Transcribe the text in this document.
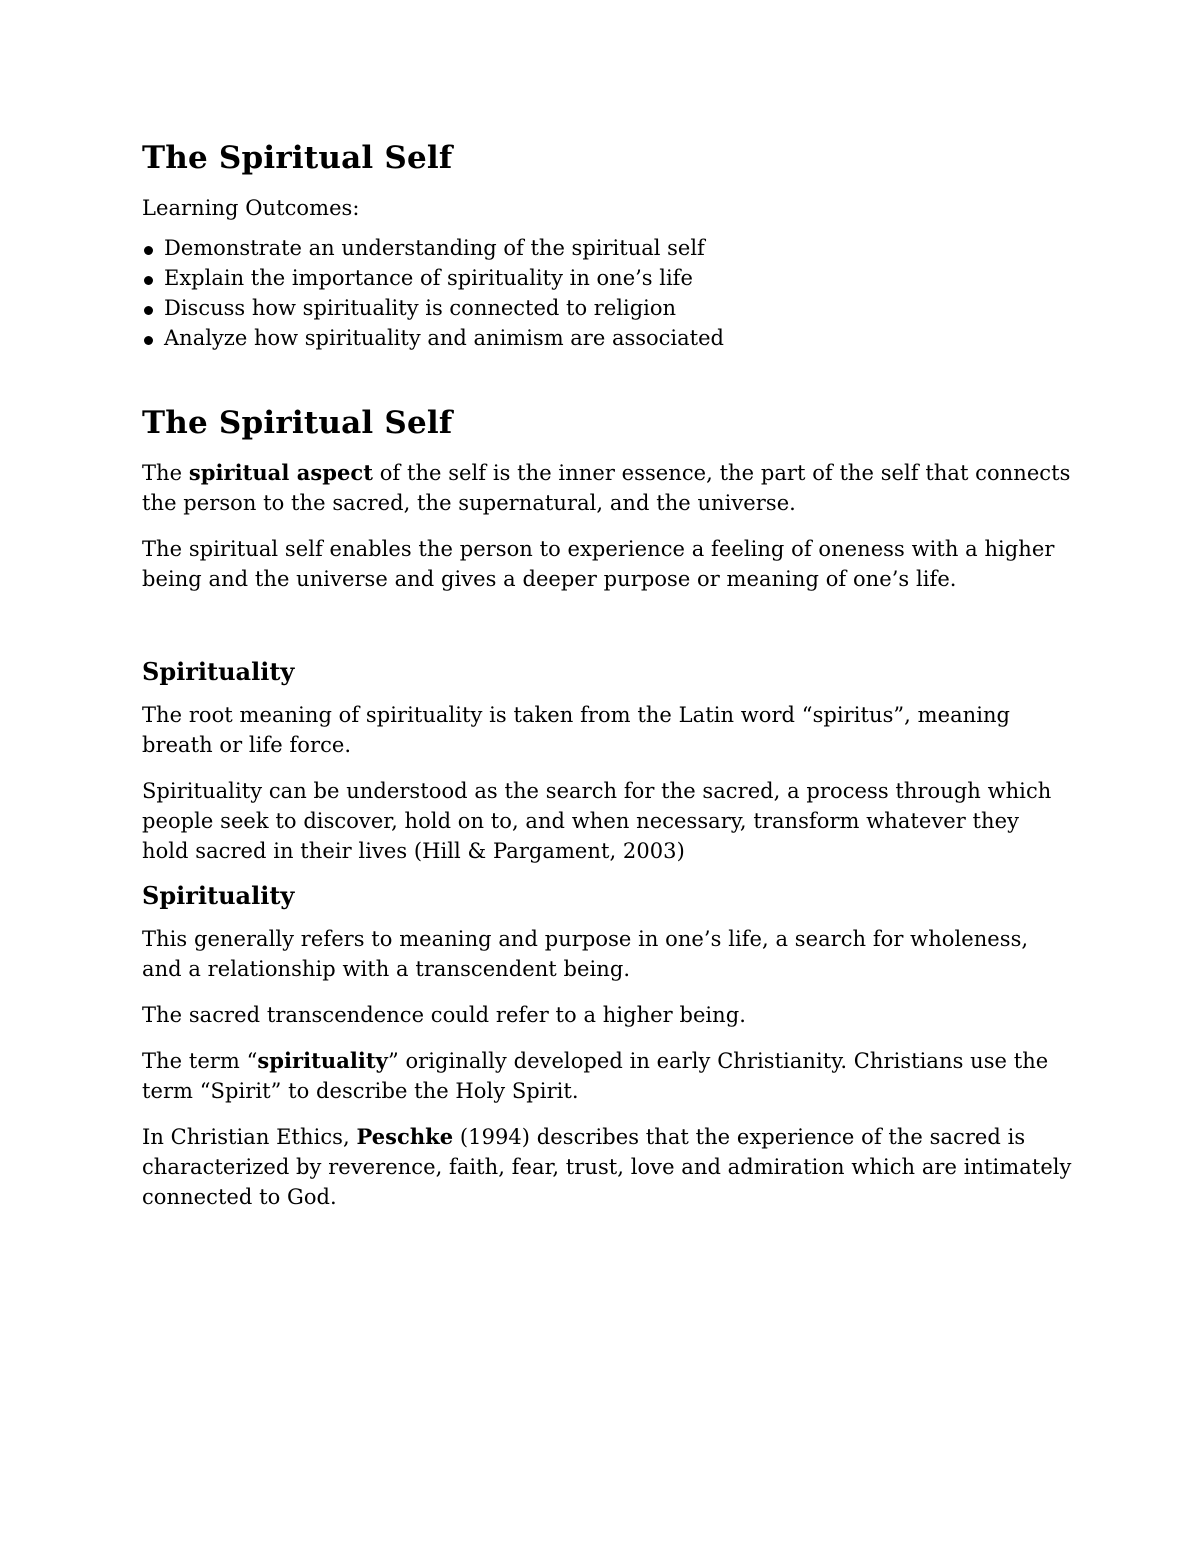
The Spiritual Self

Learning Outcomes:

Demonstrate an understanding of the spiritual self
Explain the importance of spirituality in one’s life
Discuss how spirituality is connected to religion
Analyze how spirituality and animism are associated
The Spiritual Self

The spiritual aspect of the self is the inner essence, the part of the self that connects the person to the sacred, the supernatural, and the universe.

The spiritual self enables the person to experience a feeling of oneness with a higher being and the universe and gives a deeper purpose or meaning of one’s life.

Spirituality

The root meaning of spirituality is taken from the Latin word “spiritus”, meaning breath or life force.

Spirituality can be understood as the search for the sacred, a process through which people seek to discover, hold on to, and when necessary, transform whatever they hold sacred in their lives (Hill & Pargament, 2003)

Spirituality

This generally refers to meaning and purpose in one’s life, a search for wholeness, and a relationship with a transcendent being.

The sacred transcendence could refer to a higher being.

The term “spirituality” originally developed in early Christianity. Christians use the term “Spirit” to describe the Holy Spirit.

In Christian Ethics, Peschke (1994) describes that the experience of the sacred is characterized by reverence, faith, fear, trust, love and admiration which are intimately connected to God.
